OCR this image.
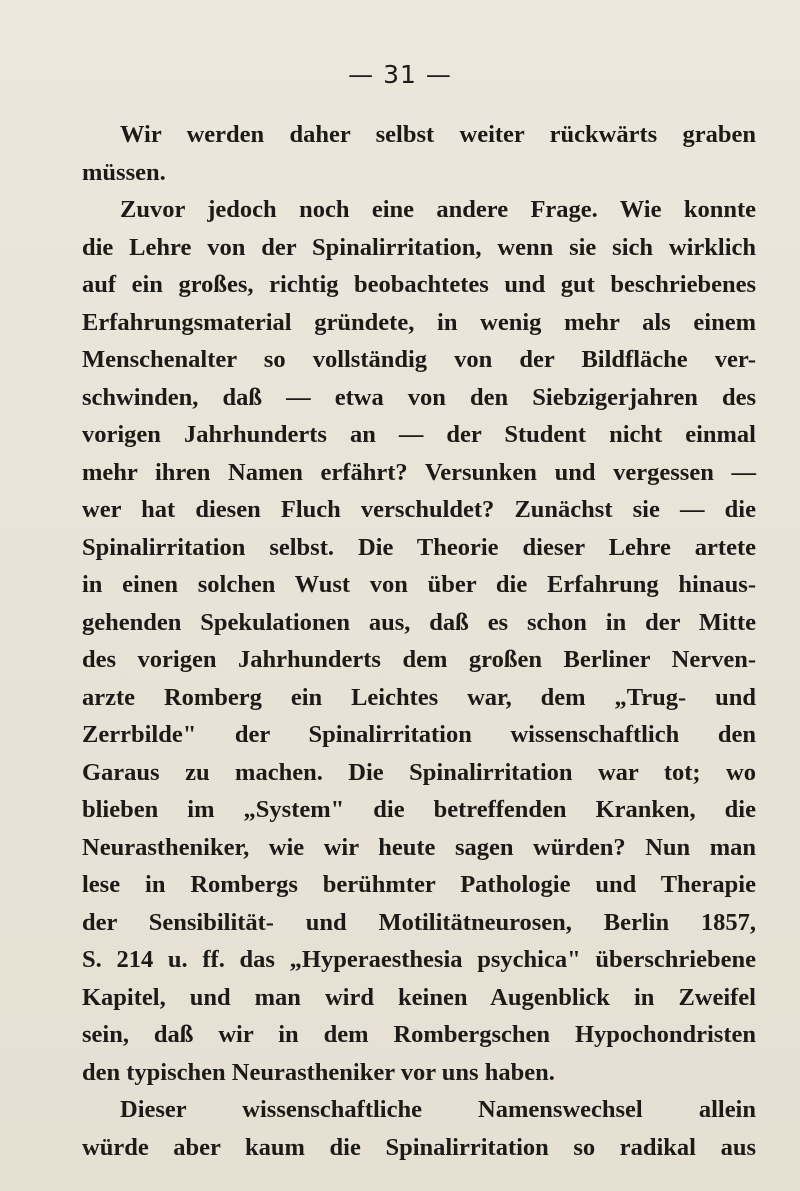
— 31 —
Wir werden daher selbst weiter rückwärts graben
müssen.
Zuvor jedoch noch eine andere Frage. Wie konnte
die Lehre von der Spinalirritation, wenn sie sich wirklich
auf ein großes, richtig beobachtetes und gut beschriebenes
Erfahrungsmaterial gründete, in wenig mehr als einem
Menschenalter so vollständig von der Bildfläche ver-
schwinden, daß — etwa von den Siebzigerjahren des
vorigen Jahrhunderts an — der Student nicht einmal
mehr ihren Namen erfährt? Versunken und vergessen —
wer hat diesen Fluch verschuldet? Zunächst sie — die
Spinalirritation selbst. Die Theorie dieser Lehre artete
in einen solchen Wust von über die Erfahrung hinaus-
gehenden Spekulationen aus, daß es schon in der Mitte
des vorigen Jahrhunderts dem großen Berliner Nerven-
arzte Romberg ein Leichtes war, dem „Trug- und
Zerrbilde" der Spinalirritation wissenschaftlich den
Garaus zu machen. Die Spinalirritation war tot; wo
blieben im „System" die betreffenden Kranken, die
Neurastheniker, wie wir heute sagen würden? Nun man
lese in Rombergs berühmter Pathologie und Therapie
der Sensibilität- und Motilitätneurosen, Berlin 1857,
S. 214 u. ff. das „Hyperaesthesia psychica" überschriebene
Kapitel, und man wird keinen Augenblick in Zweifel
sein, daß wir in dem Rombergschen Hypochondristen
den typischen Neurastheniker vor uns haben.
Dieser wissenschaftliche Namenswechsel allein
würde aber kaum die Spinalirritation so radikal aus
